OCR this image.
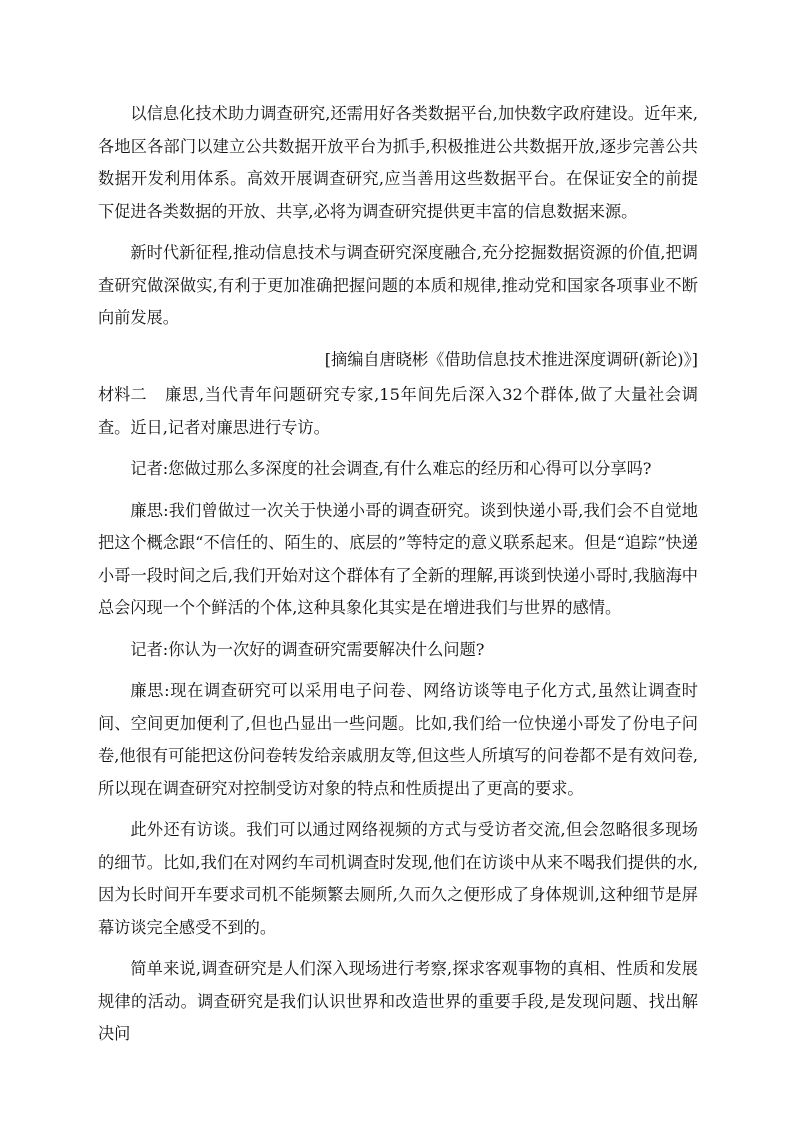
以信息化技术助力调查研究,还需用好各类数据平台,加快数字政府建设。近年来,各地区各部门以建立公共数据开放平台为抓手,积极推进公共数据开放,逐步完善公共数据开发利用体系。高效开展调查研究,应当善用这些数据平台。在保证安全的前提下促进各类数据的开放、共享,必将为调查研究提供更丰富的信息数据来源。

新时代新征程,推动信息技术与调查研究深度融合,充分挖掘数据资源的价值,把调查研究做深做实,有利于更加准确把握问题的本质和规律,推动党和国家各项事业不断向前发展。

[摘编自唐晓彬《借助信息技术推进深度调研(新论)》]

材料二 廉思,当代青年问题研究专家,15年间先后深入32个群体,做了大量社会调查。近日,记者对廉思进行专访。

记者:您做过那么多深度的社会调查,有什么难忘的经历和心得可以分享吗?

廉思:我们曾做过一次关于快递小哥的调查研究。谈到快递小哥,我们会不自觉地把这个概念跟“不信任的、陌生的、底层的”等特定的意义联系起来。但是“追踪”快递小哥一段时间之后,我们开始对这个群体有了全新的理解,再谈到快递小哥时,我脑海中总会闪现一个个鲜活的个体,这种具象化其实是在增进我们与世界的感情。

记者:你认为一次好的调查研究需要解决什么问题?

廉思:现在调查研究可以采用电子问卷、网络访谈等电子化方式,虽然让调查时间、空间更加便利了,但也凸显出一些问题。比如,我们给一位快递小哥发了份电子问卷,他很有可能把这份问卷转发给亲戚朋友等,但这些人所填写的问卷都不是有效问卷,所以现在调查研究对控制受访对象的特点和性质提出了更高的要求。

此外还有访谈。我们可以通过网络视频的方式与受访者交流,但会忽略很多现场的细节。比如,我们在对网约车司机调查时发现,他们在访谈中从来不喝我们提供的水,因为长时间开车要求司机不能频繁去厕所,久而久之便形成了身体规训,这种细节是屏幕访谈完全感受不到的。

简单来说,调查研究是人们深入现场进行考察,探求客观事物的真相、性质和发展规律的活动。调查研究是我们认识世界和改造世界的重要手段,是发现问题、找出解决问
